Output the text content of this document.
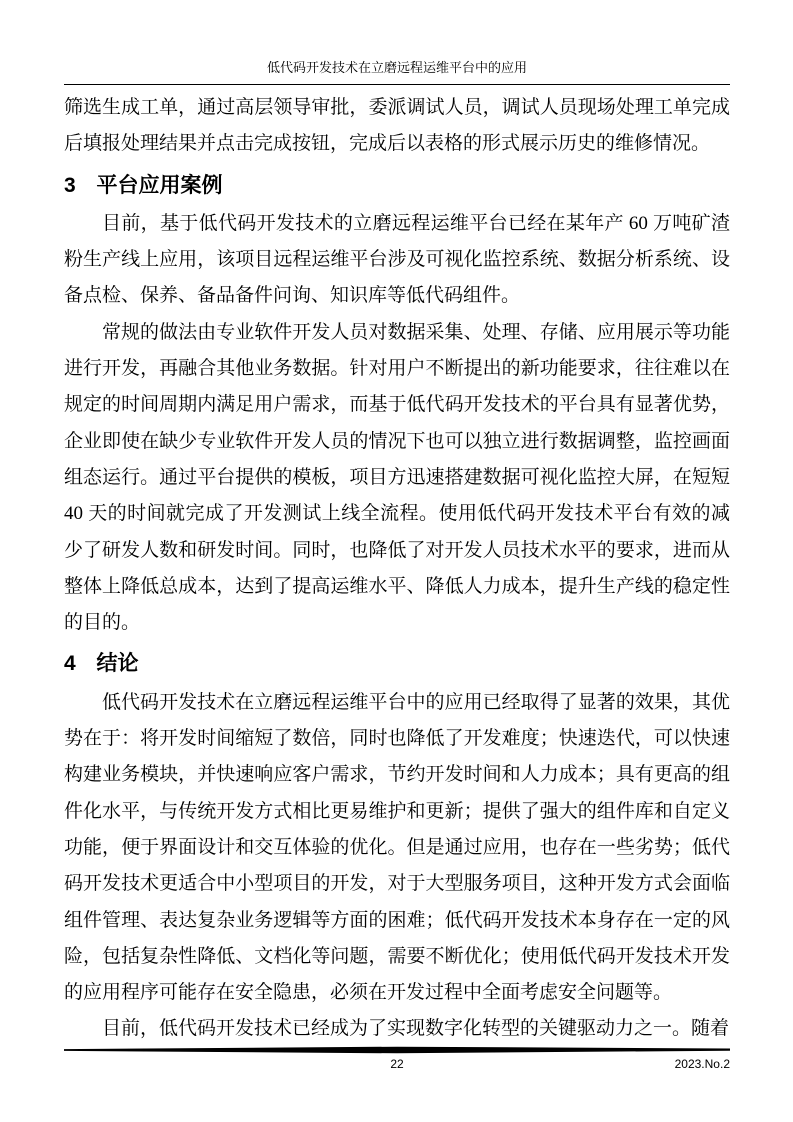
低代码开发技术在立磨远程运维平台中的应用

筛选生成工单，通过高层领导审批，委派调试人员，调试人员现场处理工单完成后填报处理结果并点击完成按钮，完成后以表格的形式展示历史的维修情况。

3 平台应用案例

目前，基于低代码开发技术的立磨远程运维平台已经在某年产 60 万吨矿渣粉生产线上应用，该项目远程运维平台涉及可视化监控系统、数据分析系统、设备点检、保养、备品备件问询、知识库等低代码组件。

常规的做法由专业软件开发人员对数据采集、处理、存储、应用展示等功能进行开发，再融合其他业务数据。针对用户不断提出的新功能要求，往往难以在规定的时间周期内满足用户需求，而基于低代码开发技术的平台具有显著优势，企业即使在缺少专业软件开发人员的情况下也可以独立进行数据调整，监控画面组态运行。通过平台提供的模板，项目方迅速搭建数据可视化监控大屏，在短短 40 天的时间就完成了开发测试上线全流程。使用低代码开发技术平台有效的减少了研发人数和研发时间。同时，也降低了对开发人员技术水平的要求，进而从整体上降低总成本，达到了提高运维水平、降低人力成本，提升生产线的稳定性的目的。

4 结论

低代码开发技术在立磨远程运维平台中的应用已经取得了显著的效果，其优势在于：将开发时间缩短了数倍，同时也降低了开发难度；快速迭代，可以快速构建业务模块，并快速响应客户需求，节约开发时间和人力成本；具有更高的组件化水平，与传统开发方式相比更易维护和更新；提供了强大的组件库和自定义功能，便于界面设计和交互体验的优化。但是通过应用，也存在一些劣势；低代码开发技术更适合中小型项目的开发，对于大型服务项目，这种开发方式会面临组件管理、表达复杂业务逻辑等方面的困难；低代码开发技术本身存在一定的风险，包括复杂性降低、文档化等问题，需要不断优化；使用低代码开发技术开发的应用程序可能存在安全隐患，必须在开发过程中全面考虑安全问题等。

目前，低代码开发技术已经成为了实现数字化转型的关键驱动力之一。随着

22	2023.No.2
